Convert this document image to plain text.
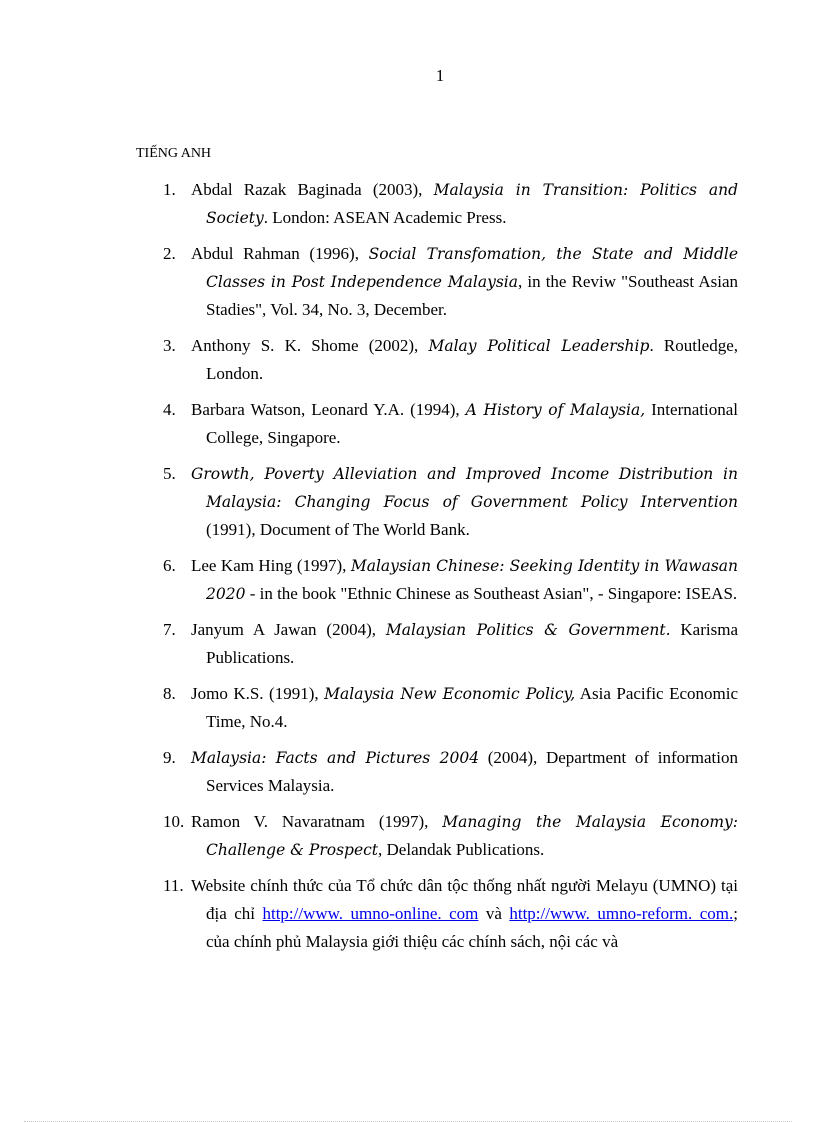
1
TIẾNG ANH
1. Abdal Razak Baginada (2003), Malaysia in Transition: Politics and Society. London: ASEAN Academic Press.
2. Abdul Rahman (1996), Social Transfomation, the State and Middle Classes in Post Independence Malaysia, in the Reviw "Southeast Asian Stadies", Vol. 34, No. 3, December.
3. Anthony S. K. Shome (2002), Malay Political Leadership. Routledge, London.
4. Barbara Watson, Leonard Y.A. (1994), A History of Malaysia, International College, Singapore.
5. Growth, Poverty Alleviation and Improved Income Distribution in Malaysia: Changing Focus of Government Policy Intervention (1991), Document of The World Bank.
6. Lee Kam Hing (1997), Malaysian Chinese: Seeking Identity in Wawasan 2020 - in the book "Ethnic Chinese as Southeast Asian", - Singapore: ISEAS.
7. Janyum A Jawan (2004), Malaysian Politics & Government. Karisma Publications.
8. Jomo K.S. (1991), Malaysia New Economic Policy, Asia Pacific Economic Time, No.4.
9. Malaysia: Facts and Pictures 2004 (2004), Department of information Services Malaysia.
10. Ramon V. Navaratnam (1997), Managing the Malaysia Economy: Challenge & Prospect, Delandak Publications.
11. Website chính thức của Tổ chức dân tộc thống nhất người Melayu (UMNO) tại địa chỉ http://www. umno-online. com và http://www. umno-reform. com.; của chính phủ Malaysia giới thiệu các chính sách, nội các và
